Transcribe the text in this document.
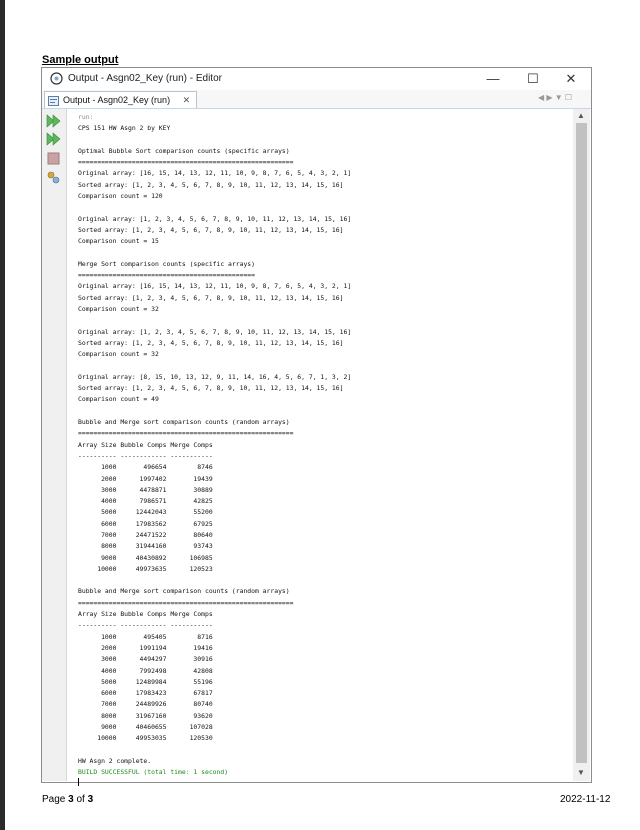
Sample output
Output - Asgn02_Key (run) - Editor	—	☐	✕
Output - Asgn02_Key (run) ✕	◀ ▶ ▼ ☐
run:
CPS 151 HW Asgn 2 by KEY
Optimal Bubble Sort comparison counts (specific arrays)
========================================================
Original array: [16, 15, 14, 13, 12, 11, 10, 9, 8, 7, 6, 5, 4, 3, 2, 1]
Sorted array: [1, 2, 3, 4, 5, 6, 7, 8, 9, 10, 11, 12, 13, 14, 15, 16]
Comparison count = 120
Original array: [1, 2, 3, 4, 5, 6, 7, 8, 9, 10, 11, 12, 13, 14, 15, 16]
Sorted array: [1, 2, 3, 4, 5, 6, 7, 8, 9, 10, 11, 12, 13, 14, 15, 16]
Comparison count = 15
Merge Sort comparison counts (specific arrays)
==============================================
Original array: [16, 15, 14, 13, 12, 11, 10, 9, 8, 7, 6, 5, 4, 3, 2, 1]
Sorted array: [1, 2, 3, 4, 5, 6, 7, 8, 9, 10, 11, 12, 13, 14, 15, 16]
Comparison count = 32
Original array: [1, 2, 3, 4, 5, 6, 7, 8, 9, 10, 11, 12, 13, 14, 15, 16]
Sorted array: [1, 2, 3, 4, 5, 6, 7, 8, 9, 10, 11, 12, 13, 14, 15, 16]
Comparison count = 32
Original array: [8, 15, 10, 13, 12, 9, 11, 14, 16, 4, 5, 6, 7, 1, 3, 2]
Sorted array: [1, 2, 3, 4, 5, 6, 7, 8, 9, 10, 11, 12, 13, 14, 15, 16]
Comparison count = 49
Bubble and Merge sort comparison counts (random arrays)
========================================================
Array Size Bubble Comps Merge Comps
---------- ------------ -----------
1000       496654        8746
2000      1997402       19439
3000      4478871       30889
4000      7986571       42825
5000     12442043       55200
6000     17983562       67925
7000     24471522       80640
8000     31944160       93743
9000     40430892      106985
10000     49973635      120523
Bubble and Merge sort comparison counts (random arrays)
========================================================
Array Size Bubble Comps Merge Comps
---------- ------------ -----------
1000       495405        8716
2000      1991194       19416
3000      4494297       30916
4000      7992498       42808
5000     12489984       55196
6000     17983423       67817
7000     24489926       80740
8000     31967160       93620
9000     40460655      107028
10000     49953035      120530
HW Asgn 2 complete.
BUILD SUCCESSFUL (total time: 1 second)
▲
▼
Page 3 of 3	2022-11-12
